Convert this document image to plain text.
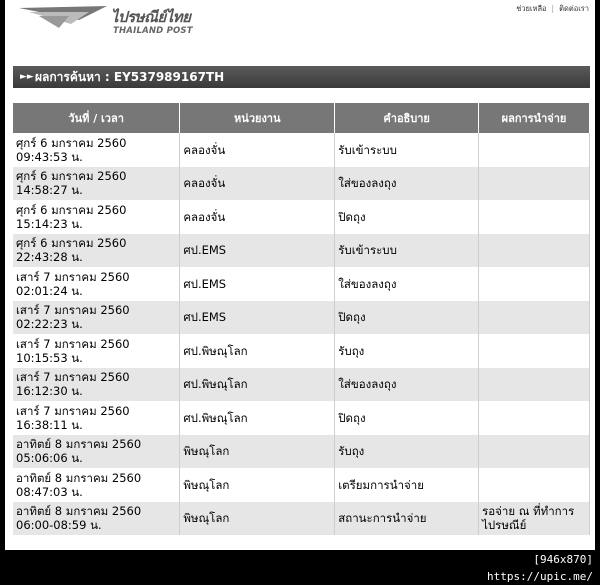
ไปรษณีย์ไทย
THAILAND POST
ช่วยเหลือ | ติดต่อเรา
►► ผลการค้นหา : EY537989167TH
วันที่ / เวลา	หน่วยงาน	คำอธิบาย	ผลการนำจ่าย

ศุกร์ 6 มกราคม 2560
09:43:53 น.	คลองจั่น	รับเข้าระบบ	

ศุกร์ 6 มกราคม 2560
14:58:27 น.	คลองจั่น	ใส่ของลงถุง	

ศุกร์ 6 มกราคม 2560
15:14:23 น.	คลองจั่น	ปิดถุง	

ศุกร์ 6 มกราคม 2560
22:43:28 น.	ศป.EMS	รับเข้าระบบ	

เสาร์ 7 มกราคม 2560
02:01:24 น.	ศป.EMS	ใส่ของลงถุง	

เสาร์ 7 มกราคม 2560
02:22:23 น.	ศป.EMS	ปิดถุง	

เสาร์ 7 มกราคม 2560
10:15:53 น.	ศป.พิษณุโลก	รับถุง	

เสาร์ 7 มกราคม 2560
16:12:30 น.	ศป.พิษณุโลก	ใส่ของลงถุง	

เสาร์ 7 มกราคม 2560
16:38:11 น.	ศป.พิษณุโลก	ปิดถุง	

อาทิตย์ 8 มกราคม 2560
05:06:06 น.	พิษณุโลก	รับถุง	

อาทิตย์ 8 มกราคม 2560
08:47:03 น.	พิษณุโลก	เตรียมการนำจ่าย	

อาทิตย์ 8 มกราคม 2560
06:00-08:59 น.	พิษณุโลก	สถานะการนำจ่าย	รอจ่าย ณ ที่ทำการไปรษณีย์
[946x870] https://upic.me/
